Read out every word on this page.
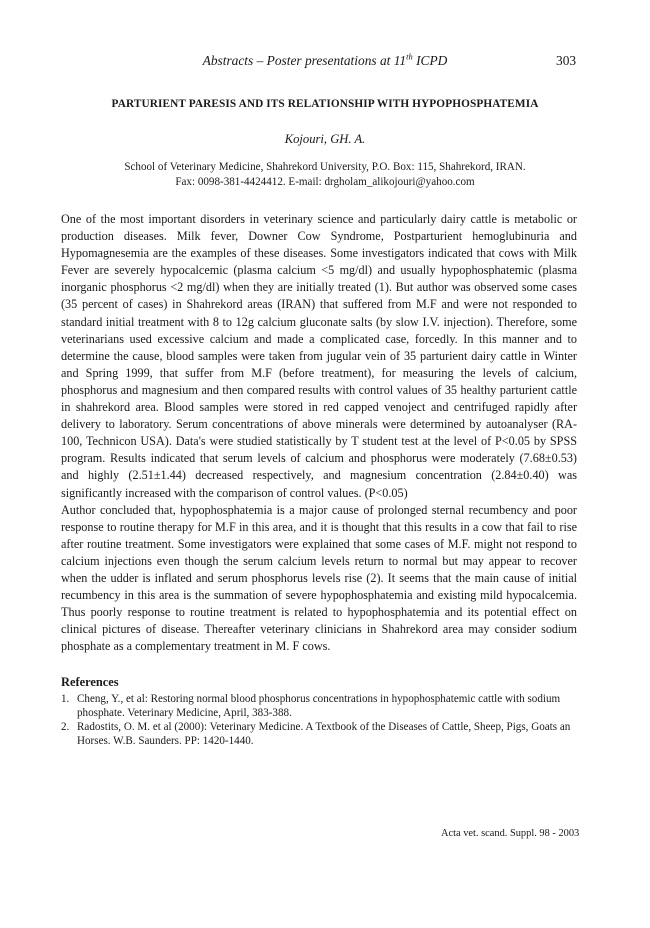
Abstracts – Poster presentations at 11th ICPD	303
PARTURIENT PARESIS AND ITS RELATIONSHIP WITH HYPOPHOSPHATEMIA
Kojouri, GH. A.
School of Veterinary Medicine, Shahrekord University, P.O. Box: 115, Shahrekord, IRAN.
Fax: 0098-381-4424412. E-mail: drgholam_alikojouri@yahoo.com

One of the most important disorders in veterinary science and particularly dairy cattle is metabolic or production diseases. Milk fever, Downer Cow Syndrome, Postparturient hemoglubinuria and Hypomagnesemia are the examples of these diseases. Some investigators indicated that cows with Milk Fever are severely hypocalcemic (plasma calcium <5 mg/dl) and usually hypophosphatemic (plasma inorganic phosphorus <2 mg/dl) when they are initially treated (1). But author was observed some cases (35 percent of cases) in Shahrekord areas (IRAN) that suffered from M.F and were not responded to standard initial treatment with 8 to 12g calcium gluconate salts (by slow I.V. injection). Therefore, some veterinarians used excessive calcium and made a complicated case, forcedly. In this manner and to determine the cause, blood samples were taken from jugular vein of 35 parturient dairy cattle in Winter and Spring 1999, that suffer from M.F (before treatment), for measuring the levels of calcium, phosphorus and magnesium and then compared results with control values of 35 healthy parturient cattle in shahrekord area. Blood samples were stored in red capped venoject and centrifuged rapidly after delivery to laboratory. Serum concentrations of above minerals were determined by autoanalyser (RA-100, Technicon USA). Data's were studied statistically by T student test at the level of P<0.05 by SPSS program. Results indicated that serum levels of calcium and phosphorus were moderately (7.68±0.53) and highly (2.51±1.44) decreased respectively, and magnesium concentration (2.84±0.40) was significantly increased with the comparison of control values. (P<0.05)

Author concluded that, hypophosphatemia is a major cause of prolonged sternal recumbency and poor response to routine therapy for M.F in this area, and it is thought that this results in a cow that fail to rise after routine treatment. Some investigators were explained that some cases of M.F. might not respond to calcium injections even though the serum calcium levels return to normal but may appear to recover when the udder is inflated and serum phosphorus levels rise (2). It seems that the main cause of initial recumbency in this area is the summation of severe hypophosphatemia and existing mild hypocalcemia. Thus poorly response to routine treatment is related to hypophosphatemia and its potential effect on clinical pictures of disease. Thereafter veterinary clinicians in Shahrekord area may consider sodium phosphate as a complementary treatment in M. F cows.

References
1. Cheng, Y., et al: Restoring normal blood phosphorus concentrations in hypophosphatemic cattle with sodium phosphate. Veterinary Medicine, April, 383-388.
2. Radostits, O. M. et al (2000): Veterinary Medicine. A Textbook of the Diseases of Cattle, Sheep, Pigs, Goats an Horses. W.B. Saunders. PP: 1420-1440.
Acta vet. scand. Suppl. 98 - 2003
